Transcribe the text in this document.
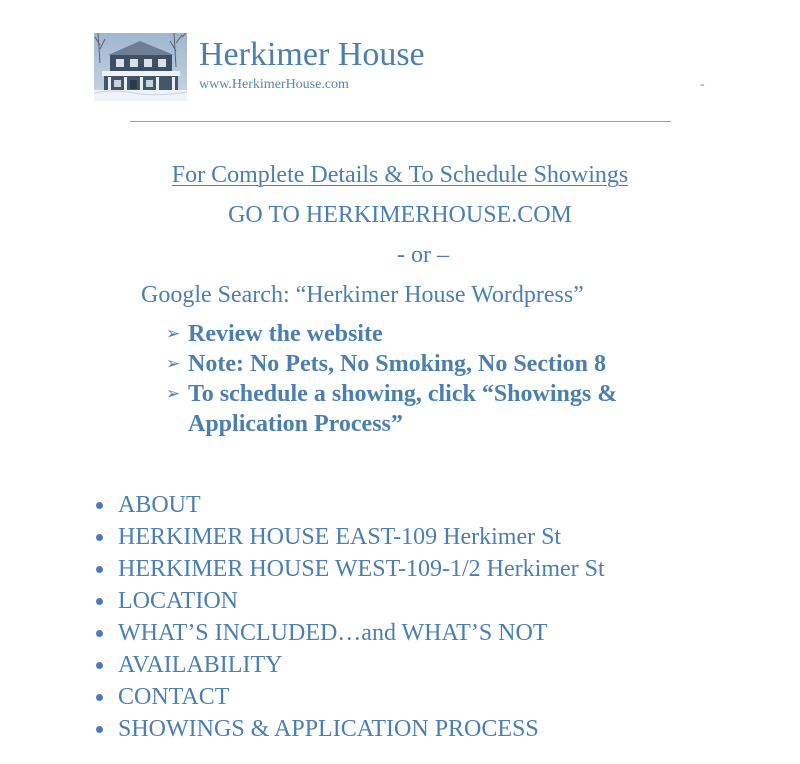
Herkimer House
www.HerkimerHouse.com	-
For Complete Details & To Schedule Showings
GO TO HERKIMERHOUSE.COM
- or –
Google Search: “Herkimer House Wordpress”
➢ Review the website
➢ Note: No Pets, No Smoking, No Section 8
➢ To schedule a showing, click “Showings & Application Process”
ABOUT
HERKIMER HOUSE EAST-109 Herkimer St
HERKIMER HOUSE WEST-109-1/2 Herkimer St
LOCATION
WHAT’S INCLUDED…and WHAT’S NOT
AVAILABILITY
CONTACT
SHOWINGS & APPLICATION PROCESS
